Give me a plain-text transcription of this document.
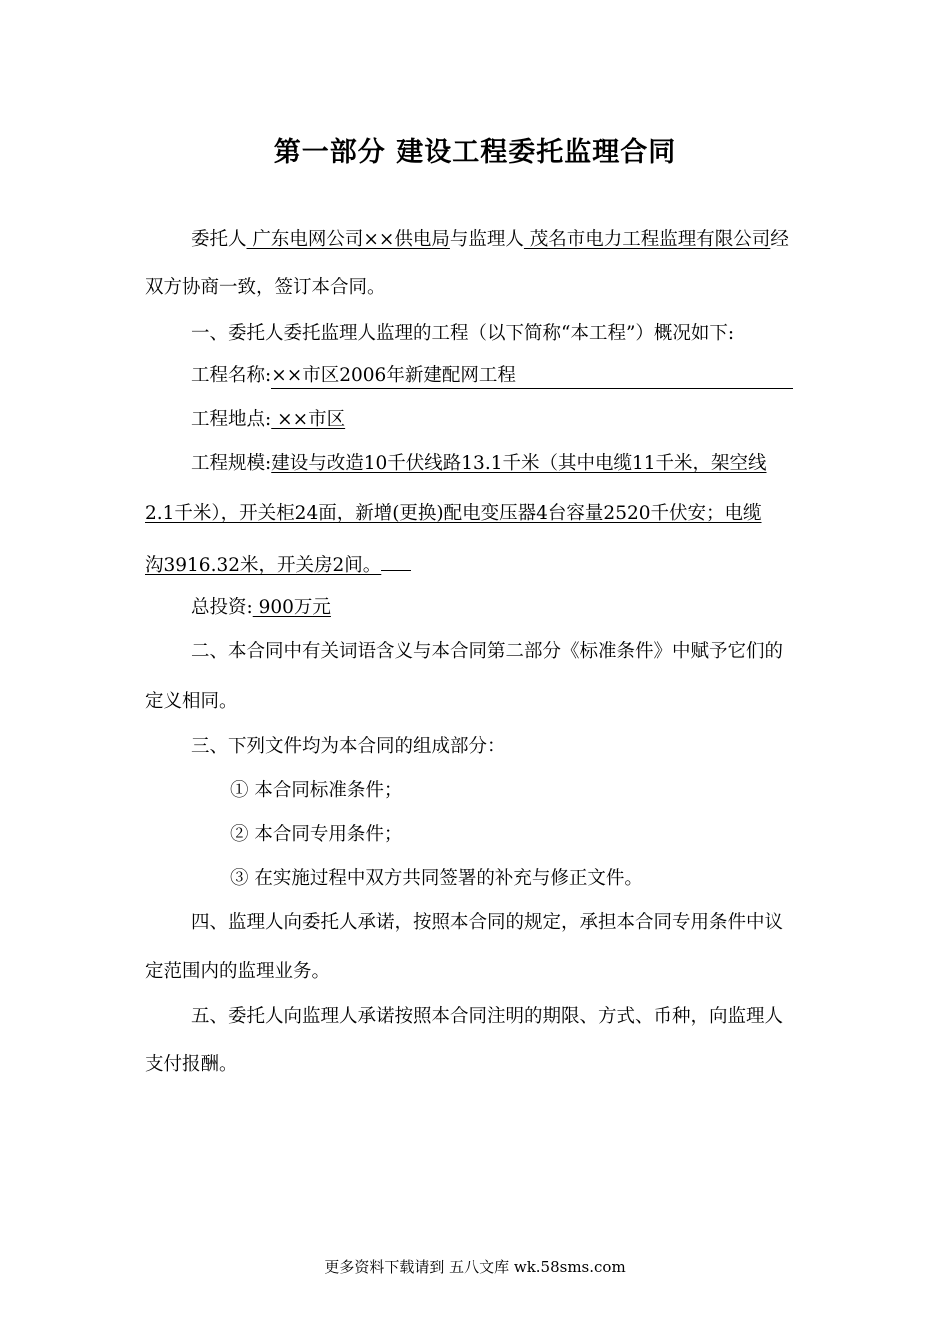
第一部分 建设工程委托监理合同
委托人 广东电网公司××供电局与监理人 茂名市电力工程监理有限公司经
双方协商一致，签订本合同。
一、委托人委托监理人监理的工程（以下简称“本工程”）概况如下:
工程名称:××市区2006年新建配网工程
工程地点: ××市区
工程规模:建设与改造10千伏线路13.1千米（其中电缆11千米，架空线
2.1千米），开关柜24面，新增(更换)配电变压器4台容量2520千伏安；电缆
沟3916.32米，开关房2间。
总投资: 900万元
二、本合同中有关词语含义与本合同第二部分《标准条件》中赋予它们的
定义相同。
三、下列文件均为本合同的组成部分：
① 本合同标准条件；
② 本合同专用条件；
③ 在实施过程中双方共同签署的补充与修正文件。
四、监理人向委托人承诺，按照本合同的规定，承担本合同专用条件中议
定范围内的监理业务。
五、委托人向监理人承诺按照本合同注明的期限、方式、币种，向监理人
支付报酬。
更多资料下载请到 五八文库 wk.58sms.com
